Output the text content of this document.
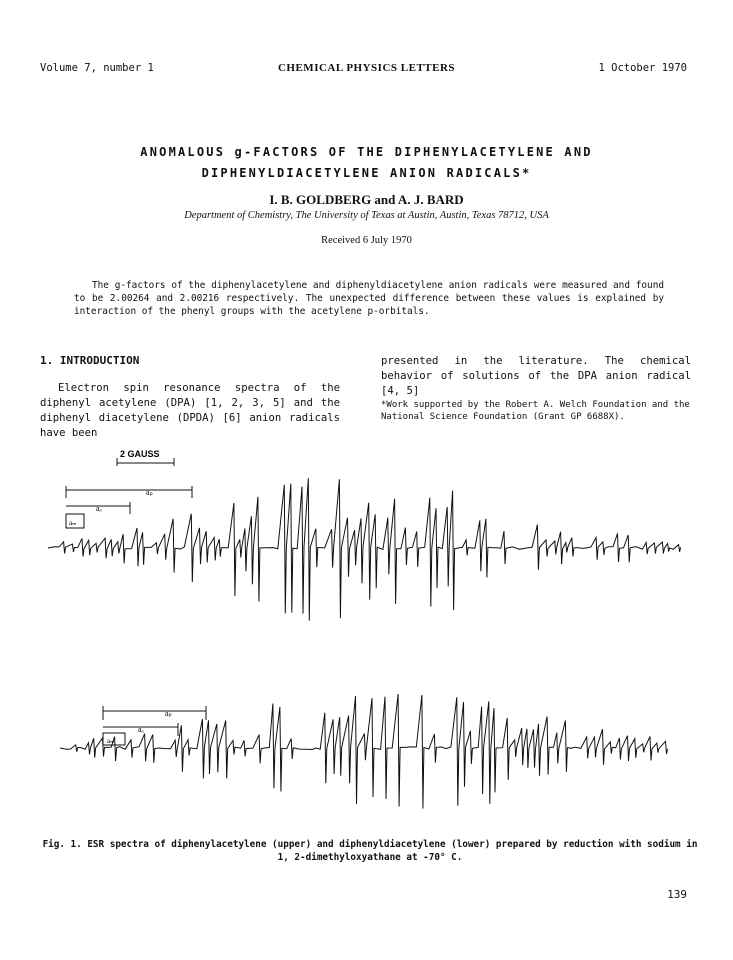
Volume 7, number 1	CHEMICAL PHYSICS LETTERS	1 October 1970
ANOMALOUS g-FACTORS OF THE DIPHENYLACETYLENE AND
DIPHENYLDIACETYLENE ANION RADICALS*
I. B. GOLDBERG and A. J. BARD
Department of Chemistry, The University of Texas at Austin, Austin, Texas 78712, USA
Received 6 July 1970
The g-factors of the diphenylacetylene and diphenyldiacetylene anion radicals were measured and found to be 2.00264 and 2.00216 respectively. The unexpected difference between these values is explained by interaction of the phenyl groups with the acetylene p-orbitals.
1. INTRODUCTION
Electron spin resonance spectra of the diphenyl acetylene (DPA) [1, 2, 3, 5] and the diphenyl diacetylene (DPDA) [6] anion radicals have been
presented in the literature. The chemical behavior of solutions of the DPA anion radical [4, 5]
*Work supported by the Robert A. Welch Foundation and the National Science Foundation (Grant GP 6688X).
2 GAUSS
aₚ
aₒ
aₘ
aₚ
aₒ
aₘ
Fig. 1. ESR spectra of diphenylacetylene (upper) and diphenyldiacetylene (lower) prepared by reduction with sodium in 1, 2-dimethyloxyathane at -70° C.
139
